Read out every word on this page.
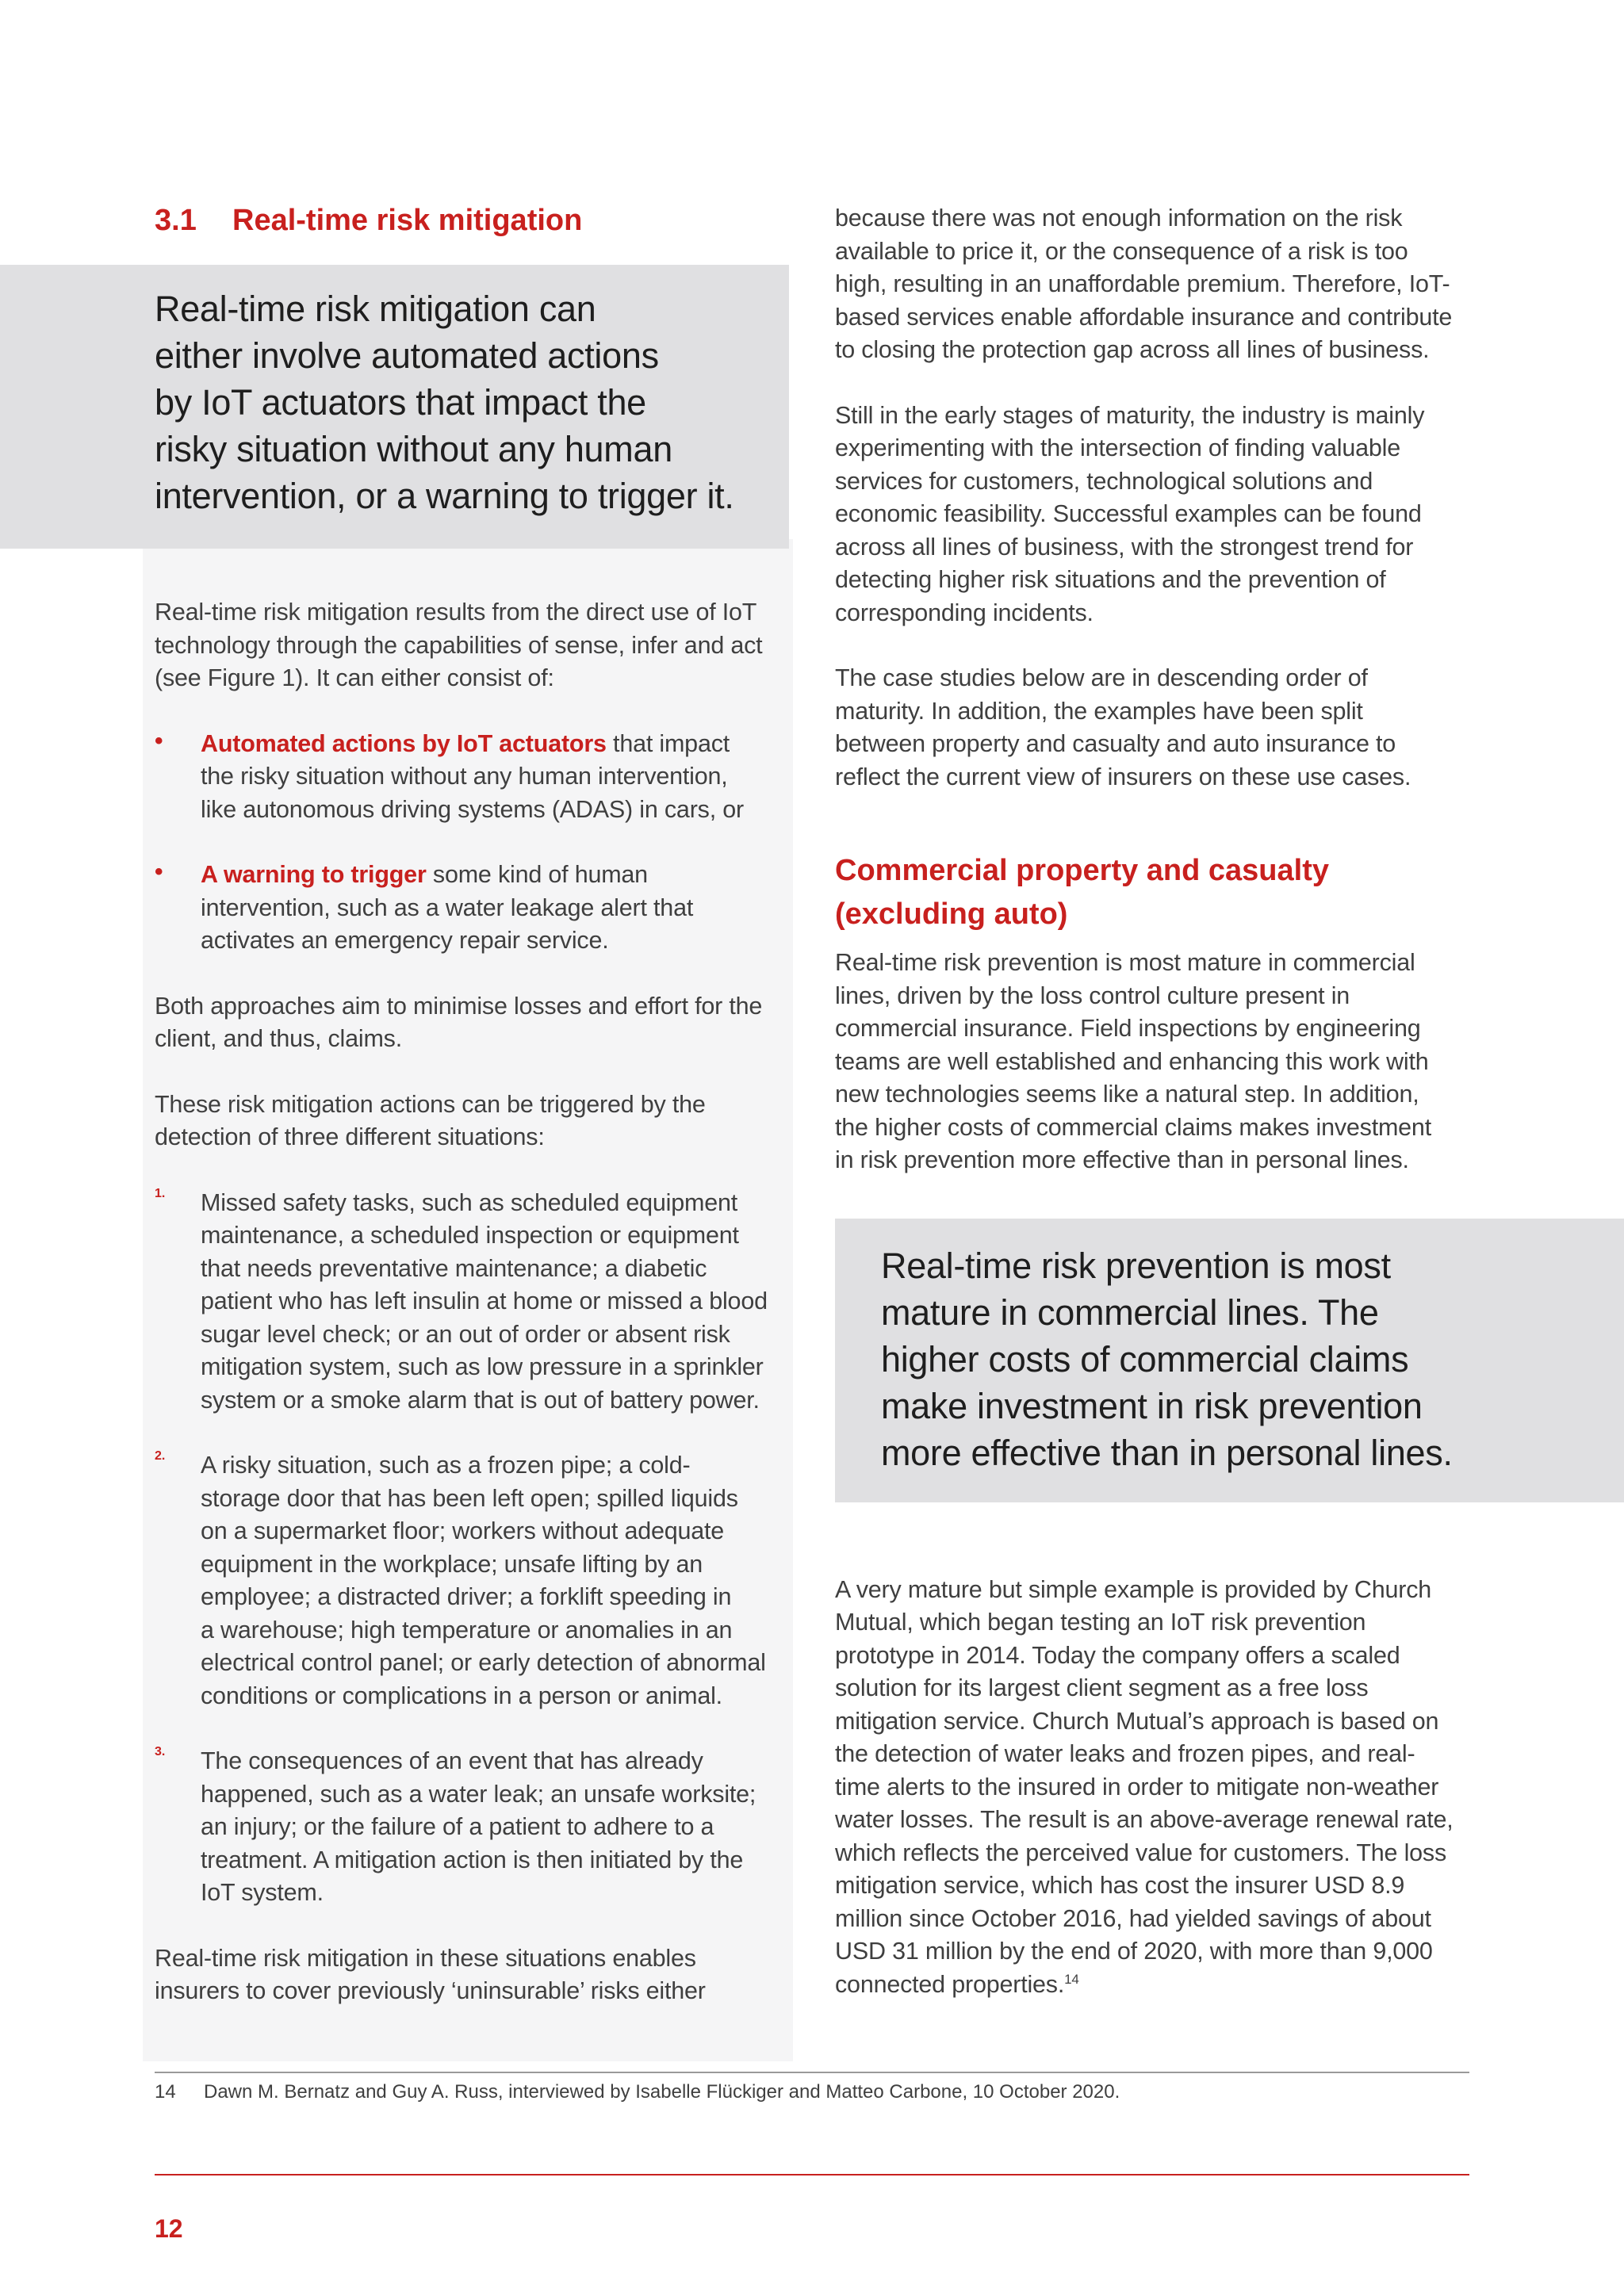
Real-time risk mitigation can

either involve automated actions

by IoT actuators that impact the

risky situation without any human

intervention, or a warning to trigger it.

3.1 Real-time risk mitigation

Real-time risk mitigation results from the direct use of IoT

technology through the capabilities of sense, infer and act

(see Figure 1). It can either consist of:

• Automated actions by IoT actuators that impact

the risky situation without any human intervention,

like autonomous driving systems (ADAS) in cars, or

• A warning to trigger some kind of human

intervention, such as a water leakage alert that

activates an emergency repair service.

Both approaches aim to minimise losses and effort for the

client, and thus, claims.

These risk mitigation actions can be triggered by the

detection of three different situations:

1. Missed safety tasks, such as scheduled equipment

maintenance, a scheduled inspection or equipment

that needs preventative maintenance; a diabetic

patient who has left insulin at home or missed a blood

sugar level check; or an out of order or absent risk

mitigation system, such as low pressure in a sprinkler

system or a smoke alarm that is out of battery power.

2. A risky situation, such as a frozen pipe; a cold-

storage door that has been left open; spilled liquids

on a supermarket floor; workers without adequate

equipment in the workplace; unsafe lifting by an

employee; a distracted driver; a forklift speeding in

a warehouse; high temperature or anomalies in an

electrical control panel; or early detection of abnormal

conditions or complications in a person or animal.

3. The consequences of an event that has already

happened, such as a water leak; an unsafe worksite;

an injury; or the failure of a patient to adhere to a

treatment. A mitigation action is then initiated by the

IoT system.

Real-time risk mitigation in these situations enables

insurers to cover previously ‘uninsurable’ risks either

because there was not enough information on the risk

available to price it, or the consequence of a risk is too

high, resulting in an unaffordable premium. Therefore, IoT-

based services enable affordable insurance and contribute

to closing the protection gap across all lines of business.

Still in the early stages of maturity, the industry is mainly

experimenting with the intersection of finding valuable

services for customers, technological solutions and

economic feasibility. Successful examples can be found

across all lines of business, with the strongest trend for

detecting higher risk situations and the prevention of

corresponding incidents.

The case studies below are in descending order of

maturity. In addition, the examples have been split

between property and casualty and auto insurance to

reflect the current view of insurers on these use cases.

Commercial property and casualty
(excluding auto)

Real-time risk prevention is most mature in commercial

lines, driven by the loss control culture present in

commercial insurance. Field inspections by engineering

teams are well established and enhancing this work with

new technologies seems like a natural step. In addition,

the higher costs of commercial claims makes investment

in risk prevention more effective than in personal lines.

A very mature but simple example is provided by Church

Mutual, which began testing an IoT risk prevention

prototype in 2014. Today the company offers a scaled

solution for its largest client segment as a free loss

mitigation service. Church Mutual’s approach is based on

the detection of water leaks and frozen pipes, and real-

time alerts to the insured in order to mitigate non-weather

water losses. The result is an above-average renewal rate,

which reflects the perceived value for customers. The loss

mitigation service, which has cost the insurer USD 8.9

million since October 2016, had yielded savings of about

USD 31 million by the end of 2020, with more than 9,000

connected properties.$^{14}$

Real-time risk prevention is most

mature in commercial lines. The

higher costs of commercial claims

make investment in risk prevention

more effective than in personal lines.

14 Dawn M. Bernatz and Guy A. Russ, interviewed by Isabelle Flückiger and Matteo Carbone, 10 October 2020.
12
